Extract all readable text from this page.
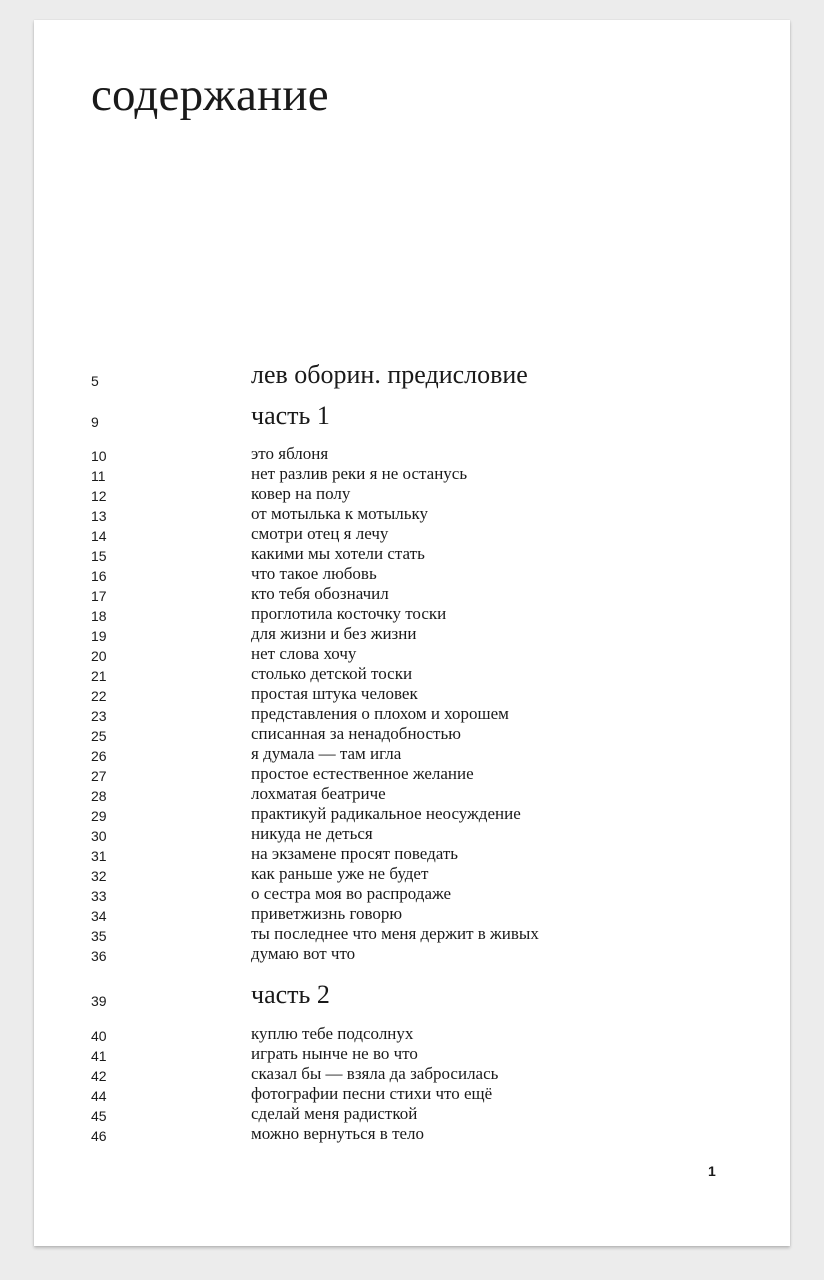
содержание
5	лев оборин. предисловие
9	часть 1
10	это яблоня
11	нет разлив реки я не останусь
12	ковер на полу
13	от мотылька к мотыльку
14	смотри отец я лечу
15	какими мы хотели стать
16	что такое любовь
17	кто тебя обозначил
18	проглотила косточку тоски
19	для жизни и без жизни
20	нет слова хочу
21	столько детской тоски
22	простая штука человек
23	представления о плохом и хорошем
25	списанная за ненадобностью
26	я думала — там игла
27	простое естественное желание
28	лохматая беатриче
29	практикуй радикальное неосуждение
30	никуда не деться
31	на экзамене просят поведать
32	как раньше уже не будет
33	о сестра моя во распродаже
34	приветжизнь говорю
35	ты последнее что меня держит в живых
36	думаю вот что
39	часть 2
40	куплю тебе подсолнух
41	играть нынче не во что
42	сказал бы — взяла да забросилась
44	фотографии песни стихи что ещё
45	сделай меня радисткой
46	можно вернуться в тело
1
